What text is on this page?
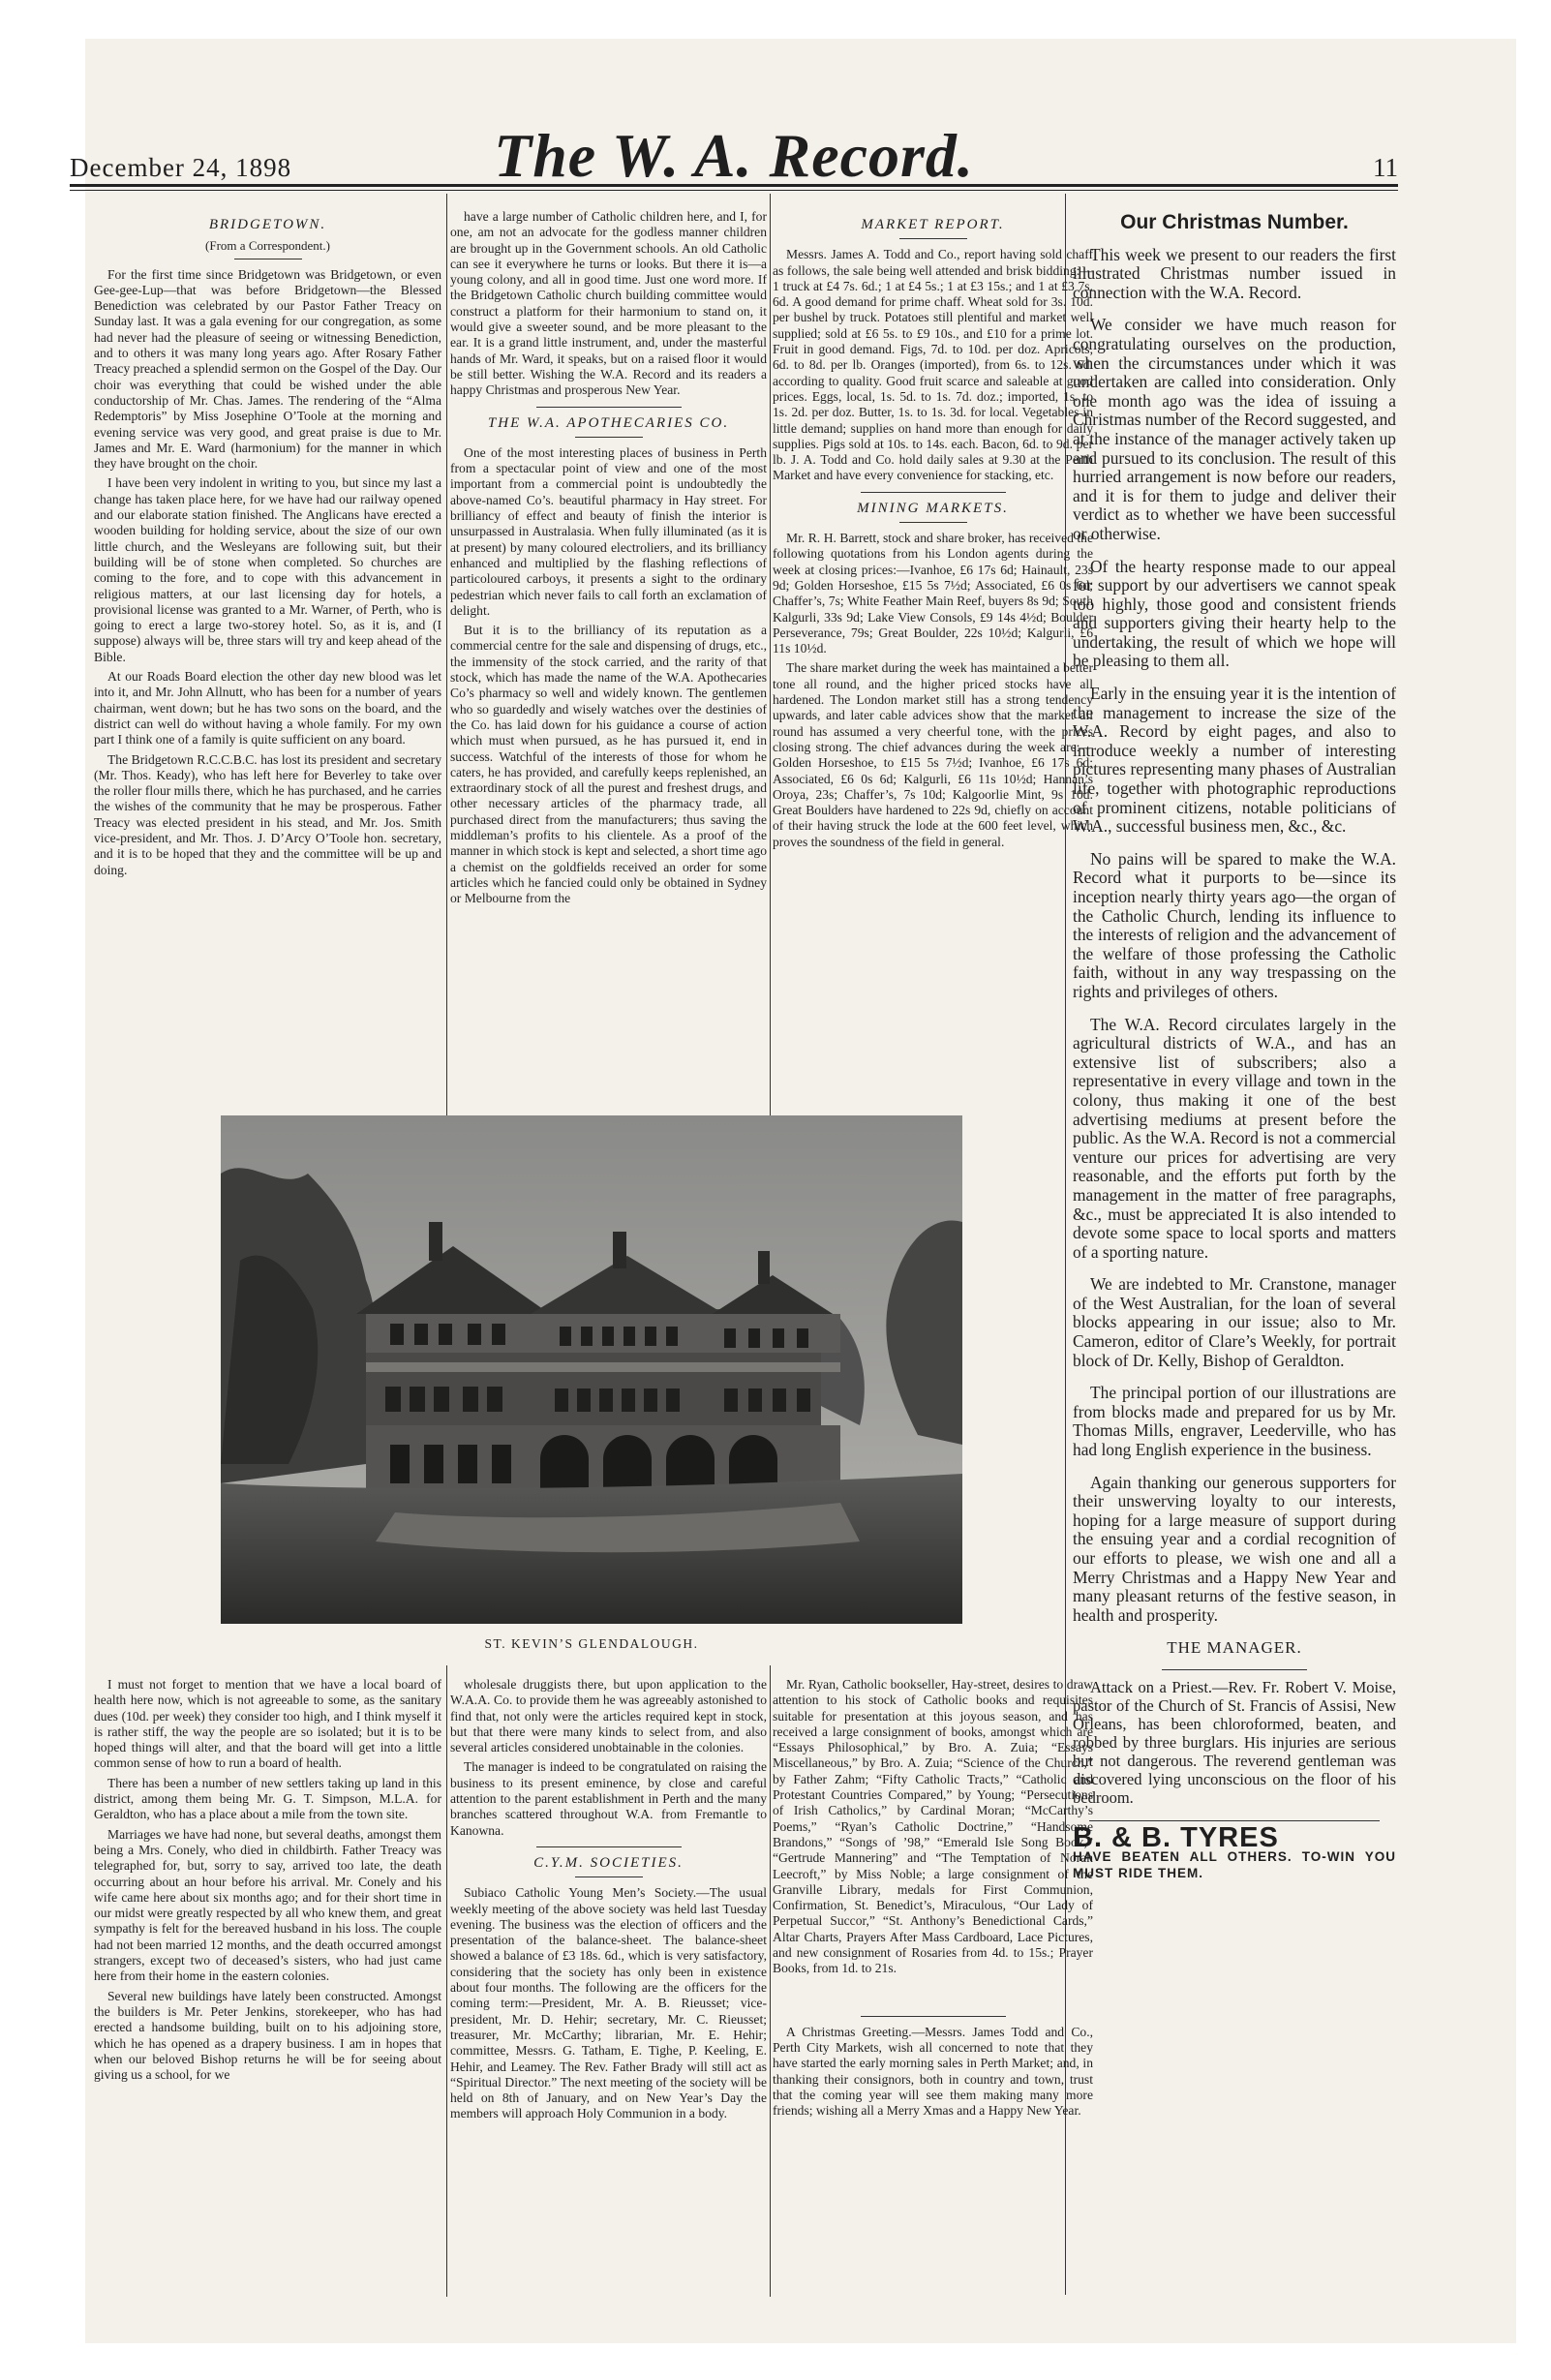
December 24, 1898	The W. A. Record.	11
BRIDGETOWN.
(From a Correspondent.)

For the first time since Bridgetown was Bridgetown, or even Gee-gee-Lup—that was before Bridgetown—the Blessed Benediction was celebrated by our Pastor Father Treacy on Sunday last. It was a gala evening for our congregation, as some had never had the pleasure of seeing or witnessing Benediction, and to others it was many long years ago. After Rosary Father Treacy preached a splendid sermon on the Gospel of the Day. Our choir was everything that could be wished under the able conductorship of Mr. Chas. James. The rendering of the “Alma Redemptoris” by Miss Josephine O’Toole at the morning and evening service was very good, and great praise is due to Mr. James and Mr. E. Ward (harmonium) for the manner in which they have brought on the choir.

I have been very indolent in writing to you, but since my last a change has taken place here, for we have had our railway opened and our elaborate station finished. The Anglicans have erected a wooden building for holding service, about the size of our own little church, and the Wesleyans are following suit, but their building will be of stone when completed. So churches are coming to the fore, and to cope with this advancement in religious matters, at our last licensing day for hotels, a provisional license was granted to a Mr. Warner, of Perth, who is going to erect a large two-storey hotel. So, as it is, and (I suppose) always will be, three stars will try and keep ahead of the Bible.

At our Roads Board election the other day new blood was let into it, and Mr. John Allnutt, who has been for a number of years chairman, went down; but he has two sons on the board, and the district can well do without having a whole family. For my own part I think one of a family is quite sufficient on any board.

The Bridgetown R.C.C.B.C. has lost its president and secretary (Mr. Thos. Keady), who has left here for Beverley to take over the roller flour mills there, which he has purchased, and he carries the wishes of the community that he may be prosperous. Father Treacy was elected president in his stead, and Mr. Jos. Smith vice-president, and Mr. Thos. J. D’Arcy O’Toole hon. secretary, and it is to be hoped that they and the committee will be up and doing.

have a large number of Catholic children here, and I, for one, am not an advocate for the godless manner children are brought up in the Government schools. An old Catholic can see it everywhere he turns or looks. But there it is—a young colony, and all in good time. Just one word more. If the Bridgetown Catholic church building committee would construct a platform for their harmonium to stand on, it would give a sweeter sound, and be more pleasant to the ear. It is a grand little instrument, and, under the masterful hands of Mr. Ward, it speaks, but on a raised floor it would be still better. Wishing the W.A. Record and its readers a happy Christmas and prosperous New Year.

THE W.A. APOTHECARIES CO.

One of the most interesting places of business in Perth from a spectacular point of view and one of the most important from a commercial point is undoubtedly the above-named Co’s. beautiful pharmacy in Hay street. For brilliancy of effect and beauty of finish the interior is unsurpassed in Australasia. When fully illuminated (as it is at present) by many coloured electroliers, and its brilliancy enhanced and multiplied by the flashing reflections of particoloured carboys, it presents a sight to the ordinary pedestrian which never fails to call forth an exclamation of delight.

But it is to the brilliancy of its reputation as a commercial centre for the sale and dispensing of drugs, etc., the immensity of the stock carried, and the rarity of that stock, which has made the name of the W.A. Apothecaries Co’s pharmacy so well and widely known. The gentlemen who so guardedly and wisely watches over the destinies of the Co. has laid down for his guidance a course of action which must when pursued, as he has pursued it, end in success. Watchful of the interests of those for whom he caters, he has provided, and carefully keeps replenished, an extraordinary stock of all the purest and freshest drugs, and other necessary articles of the pharmacy trade, all purchased direct from the manufacturers; thus saving the middleman’s profits to his clientele. As a proof of the manner in which stock is kept and selected, a short time ago a chemist on the goldfields received an order for some articles which he fancied could only be obtained in Sydney or Melbourne from the

MARKET REPORT.

Messrs. James A. Todd and Co., report having sold chaff as follows, the sale being well attended and brisk bidding:—1 truck at £4 7s. 6d.; 1 at £4 5s.; 1 at £3 15s.; and 1 at £3 7s. 6d. A good demand for prime chaff. Wheat sold for 3s. 10d. per bushel by truck. Potatoes still plentiful and market well supplied; sold at £6 5s. to £9 10s., and £10 for a prime lot. Fruit in good demand. Figs, 7d. to 10d. per doz. Apricots, 6d. to 8d. per lb. Oranges (imported), from 6s. to 12s. 6d. according to quality. Good fruit scarce and saleable at good prices. Eggs, local, 1s. 5d. to 1s. 7d. doz.; imported, 1s. to 1s. 2d. per doz. Butter, 1s. to 1s. 3d. for local. Vegetables in little demand; supplies on hand more than enough for daily supplies. Pigs sold at 10s. to 14s. each. Bacon, 6d. to 9d. per lb. J. A. Todd and Co. hold daily sales at 9.30 at the Perth Market and have every convenience for stacking, etc.

MINING MARKETS.

Mr. R. H. Barrett, stock and share broker, has received the following quotations from his London agents during the week at closing prices:—Ivanhoe, £6 17s 6d; Hainault, 23s 9d; Golden Horseshoe, £15 5s 7½d; Associated, £6 0s 6d; Chaffer’s, 7s; White Feather Main Reef, buyers 8s 9d; South Kalgurli, 33s 9d; Lake View Consols, £9 14s 4½d; Boulder Perseverance, 79s; Great Boulder, 22s 10½d; Kalgurli, £6 11s 10½d.

The share market during the week has maintained a better tone all round, and the higher priced stocks have all hardened. The London market still has a strong tendency upwards, and later cable advices show that the market all round has assumed a very cheerful tone, with the prices closing strong. The chief advances during the week are:—Golden Horseshoe, to £15 5s 7½d; Ivanhoe, £6 17s 6d; Associated, £6 0s 6d; Kalgurli, £6 11s 10½d; Hannan’s Oroya, 23s; Chaffer’s, 7s 10d; Kalgoorlie Mint, 9s 10d. Great Boulders have hardened to 22s 9d, chiefly on account of their having struck the lode at the 600 feet level, which proves the soundness of the field in general.

Our Christmas Number.

This week we present to our readers the first illustrated Christmas number issued in connection with the W.A. Record.

We consider we have much reason for congratulating ourselves on the production, when the circumstances under which it was undertaken are called into consideration. Only one month ago was the idea of issuing a Christmas number of the Record suggested, and at the instance of the manager actively taken up and pursued to its conclusion. The result of this hurried arrangement is now before our readers, and it is for them to judge and deliver their verdict as to whether we have been successful or otherwise.

Of the hearty response made to our appeal for support by our advertisers we cannot speak too highly, those good and consistent friends and supporters giving their hearty help to the undertaking, the result of which we hope will be pleasing to them all.

Early in the ensuing year it is the intention of the management to increase the size of the W.A. Record by eight pages, and also to introduce weekly a number of interesting pictures representing many phases of Australian life, together with photographic reproductions of prominent citizens, notable politicians of W.A., successful business men, &c., &c.

No pains will be spared to make the W.A. Record what it purports to be—since its inception nearly thirty years ago—the organ of the Catholic Church, lending its influence to the interests of religion and the advancement of the welfare of those professing the Catholic faith, without in any way trespassing on the rights and privileges of others.

The W.A. Record circulates largely in the agricultural districts of W.A., and has an extensive list of subscribers; also a representative in every village and town in the colony, thus making it one of the best advertising mediums at present before the public. As the W.A. Record is not a commercial venture our prices for advertising are very reasonable, and the efforts put forth by the management in the matter of free paragraphs, &c., must be appreciated It is also intended to devote some space to local sports and matters of a sporting nature.

We are indebted to Mr. Cranstone, manager of the West Australian, for the loan of several blocks appearing in our issue; also to Mr. Cameron, editor of Clare’s Weekly, for portrait block of Dr. Kelly, Bishop of Geraldton.

The principal portion of our illustrations are from blocks made and prepared for us by Mr. Thomas Mills, engraver, Leederville, who has had long English experience in the business.

Again thanking our generous supporters for their unswerving loyalty to our interests, hoping for a large measure of support during the ensuing year and a cordial recognition of our efforts to please, we wish one and all a Merry Christmas and a Happy New Year and many pleasant returns of the festive season, in health and prosperity.

THE MANAGER.

Attack on a Priest.—Rev. Fr. Robert V. Moise, pastor of the Church of St. Francis of Assisi, New Orleans, has been chloroformed, beaten, and robbed by three burglars. His injuries are serious but not dangerous. The reverend gentleman was discovered lying unconscious on the floor of his bedroom.

B. & B. TYRES
HAVE BEATEN ALL OTHERS. TO-WIN YOU MUST RIDE THEM.
ST. KEVIN’S GLENDALOUGH.

I must not forget to mention that we have a local board of health here now, which is not agreeable to some, as the sanitary dues (10d. per week) they consider too high, and I think myself it is rather stiff, the way the people are so isolated; but it is to be hoped things will alter, and that the board will get into a little common sense of how to run a board of health.

There has been a number of new settlers taking up land in this district, among them being Mr. G. T. Simpson, M.L.A. for Geraldton, who has a place about a mile from the town site.

Marriages we have had none, but several deaths, amongst them being a Mrs. Conely, who died in childbirth. Father Treacy was telegraphed for, but, sorry to say, arrived too late, the death occurring about an hour before his arrival. Mr. Conely and his wife came here about six months ago; and for their short time in our midst were greatly respected by all who knew them, and great sympathy is felt for the bereaved husband in his loss. The couple had not been married 12 months, and the death occurred amongst strangers, except two of deceased’s sisters, who had just came here from their home in the eastern colonies.

Several new buildings have lately been constructed. Amongst the builders is Mr. Peter Jenkins, storekeeper, who has had erected a handsome building, built on to his adjoining store, which he has opened as a drapery business. I am in hopes that when our beloved Bishop returns he will be for seeing about giving us a school, for we

wholesale druggists there, but upon application to the W.A.A. Co. to provide them he was agreeably astonished to find that, not only were the articles required kept in stock, but that there were many kinds to select from, and also several articles considered unobtainable in the colonies.

The manager is indeed to be congratulated on raising the business to its present eminence, by close and careful attention to the parent establishment in Perth and the many branches scattered throughout W.A. from Fremantle to Kanowna.

C.Y.M. SOCIETIES.

Subiaco Catholic Young Men’s Society.—The usual weekly meeting of the above society was held last Tuesday evening. The business was the election of officers and the presentation of the balance-sheet. The balance-sheet showed a balance of £3 18s. 6d., which is very satisfactory, considering that the society has only been in existence about four months. The following are the officers for the coming term:—President, Mr. A. B. Rieusset; vice-president, Mr. D. Hehir; secretary, Mr. C. Rieusset; treasurer, Mr. McCarthy; librarian, Mr. E. Hehir; committee, Messrs. G. Tatham, E. Tighe, P. Keeling, E. Hehir, and Leamey. The Rev. Father Brady will still act as “Spiritual Director.” The next meeting of the society will be held on 8th of January, and on New Year’s Day the members will approach Holy Communion in a body.

Mr. Ryan, Catholic bookseller, Hay-street, desires to draw attention to his stock of Catholic books and requisites suitable for presentation at this joyous season, and has received a large consignment of books, amongst which are “Essays Philosophical,” by Bro. A. Zuia; “Essays Miscellaneous,” by Bro. A. Zuia; “Science of the Church,” by Father Zahm; “Fifty Catholic Tracts,” “Catholic and Protestant Countries Compared,” by Young; “Persecutions of Irish Catholics,” by Cardinal Moran; “McCarthy’s Poems,” “Ryan’s Catholic Doctrine,” “Handsome Brandons,” “Songs of ’98,” “Emerald Isle Song Book,” “Gertrude Mannering” and “The Temptation of Norah Leecroft,” by Miss Noble; a large consignment of the Granville Library, medals for First Communion, Confirmation, St. Benedict’s, Miraculous, “Our Lady of Perpetual Succor,” “St. Anthony’s Benedictional Cards,” Altar Charts, Prayers After Mass Cardboard, Lace Pictures, and new consignment of Rosaries from 4d. to 15s.; Prayer Books, from 1d. to 21s.

A Christmas Greeting.—Messrs. James Todd and Co., Perth City Markets, wish all concerned to note that they have started the early morning sales in Perth Market; and, in thanking their consignors, both in country and town, trust that the coming year will see them making many more friends; wishing all a Merry Xmas and a Happy New Year.
